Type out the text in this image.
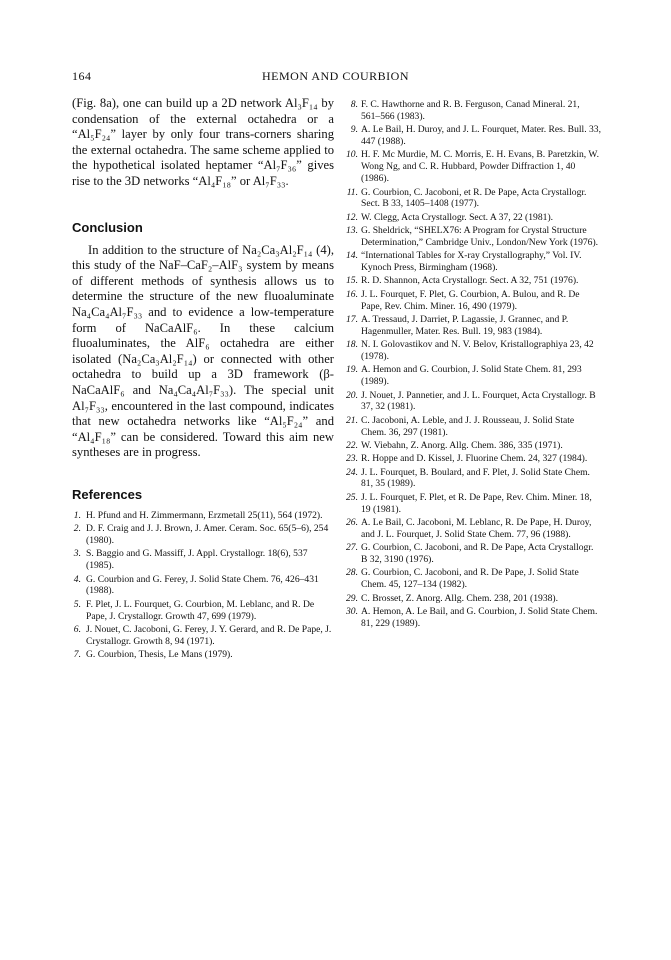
164	HEMON AND COURBION

(Fig. 8a), one can build up a 2D network Al₃F₁₄ by condensation of the external octahedra or a “Al₅F₂₄” layer by only four trans-corners sharing the external octahedra. The same scheme applied to the hypothetical isolated heptamer “Al₇F₃₆” gives rise to the 3D networks “Al₄F₁₈” or Al₇F₃₃.

Conclusion

In addition to the structure of Na₂Ca₃Al₂F₁₄ (4), this study of the NaF–CaF₂–AlF₃ system by means of different methods of synthesis allows us to determine the structure of the new fluoaluminate Na₄Ca₄Al₇F₃₃ and to evidence a low-temperature form of NaCaAlF₆. In these calcium fluoaluminates, the AlF₆ octahedra are either isolated (Na₂Ca₃Al₂F₁₄) or connected with other octahedra to build up a 3D framework (β-NaCaAlF₆ and Na₄Ca₄Al₇F₃₃). The special unit Al₇F₃₃, encountered in the last compound, indicates that new octahedra networks like “Al₅F₂₄” and “Al₄F₁₈” can be considered. Toward this aim new syntheses are in progress.

References
1. H. Pfund and H. Zimmermann, Erzmetall 25(11), 564 (1972).
2. D. F. Craig and J. J. Brown, J. Amer. Ceram. Soc. 65(5–6), 254 (1980).
3. S. Baggio and G. Massiff, J. Appl. Crystallogr. 18(6), 537 (1985).
4. G. Courbion and G. Ferey, J. Solid State Chem. 76, 426–431 (1988).
5. F. Plet, J. L. Fourquet, G. Courbion, M. Leblanc, and R. De Pape, J. Crystallogr. Growth 47, 699 (1979).
6. J. Nouet, C. Jacoboni, G. Ferey, J. Y. Gerard, and R. De Pape, J. Crystallogr. Growth 8, 94 (1971).
7. G. Courbion, Thesis, Le Mans (1979).
8. F. C. Hawthorne and R. B. Ferguson, Canad Mineral. 21, 561–566 (1983).
9. A. Le Bail, H. Duroy, and J. L. Fourquet, Mater. Res. Bull. 33, 447 (1988).
10. H. F. Mc Murdie, M. C. Morris, E. H. Evans, B. Paretzkin, W. Wong Ng, and C. R. Hubbard, Powder Diffraction 1, 40 (1986).
11. G. Courbion, C. Jacoboni, et R. De Pape, Acta Crystallogr. Sect. B 33, 1405–1408 (1977).
12. W. Clegg, Acta Crystallogr. Sect. A 37, 22 (1981).
13. G. Sheldrick, “SHELX76: A Program for Crystal Structure Determination,” Cambridge Univ., London/New York (1976).
14. “International Tables for X-ray Crystallography,” Vol. IV. Kynoch Press, Birmingham (1968).
15. R. D. Shannon, Acta Crystallogr. Sect. A 32, 751 (1976).
16. J. L. Fourquet, F. Plet, G. Courbion, A. Bulou, and R. De Pape, Rev. Chim. Miner. 16, 490 (1979).
17. A. Tressaud, J. Darriet, P. Lagassie, J. Grannec, and P. Hagenmuller, Mater. Res. Bull. 19, 983 (1984).
18. N. I. Golovastikov and N. V. Belov, Kristallographiya 23, 42 (1978).
19. A. Hemon and G. Courbion, J. Solid State Chem. 81, 293 (1989).
20. J. Nouet, J. Pannetier, and J. L. Fourquet, Acta Crystallogr. B 37, 32 (1981).
21. C. Jacoboni, A. Leble, and J. J. Rousseau, J. Solid State Chem. 36, 297 (1981).
22. W. Viebahn, Z. Anorg. Allg. Chem. 386, 335 (1971).
23. R. Hoppe and D. Kissel, J. Fluorine Chem. 24, 327 (1984).
24. J. L. Fourquet, B. Boulard, and F. Plet, J. Solid State Chem. 81, 35 (1989).
25. J. L. Fourquet, F. Plet, et R. De Pape, Rev. Chim. Miner. 18, 19 (1981).
26. A. Le Bail, C. Jacoboni, M. Leblanc, R. De Pape, H. Duroy, and J. L. Fourquet, J. Solid State Chem. 77, 96 (1988).
27. G. Courbion, C. Jacoboni, and R. De Pape, Acta Crystallogr. B 32, 3190 (1976).
28. G. Courbion, C. Jacoboni, and R. De Pape, J. Solid State Chem. 45, 127–134 (1982).
29. C. Brosset, Z. Anorg. Allg. Chem. 238, 201 (1938).
30. A. Hemon, A. Le Bail, and G. Courbion, J. Solid State Chem. 81, 229 (1989).
